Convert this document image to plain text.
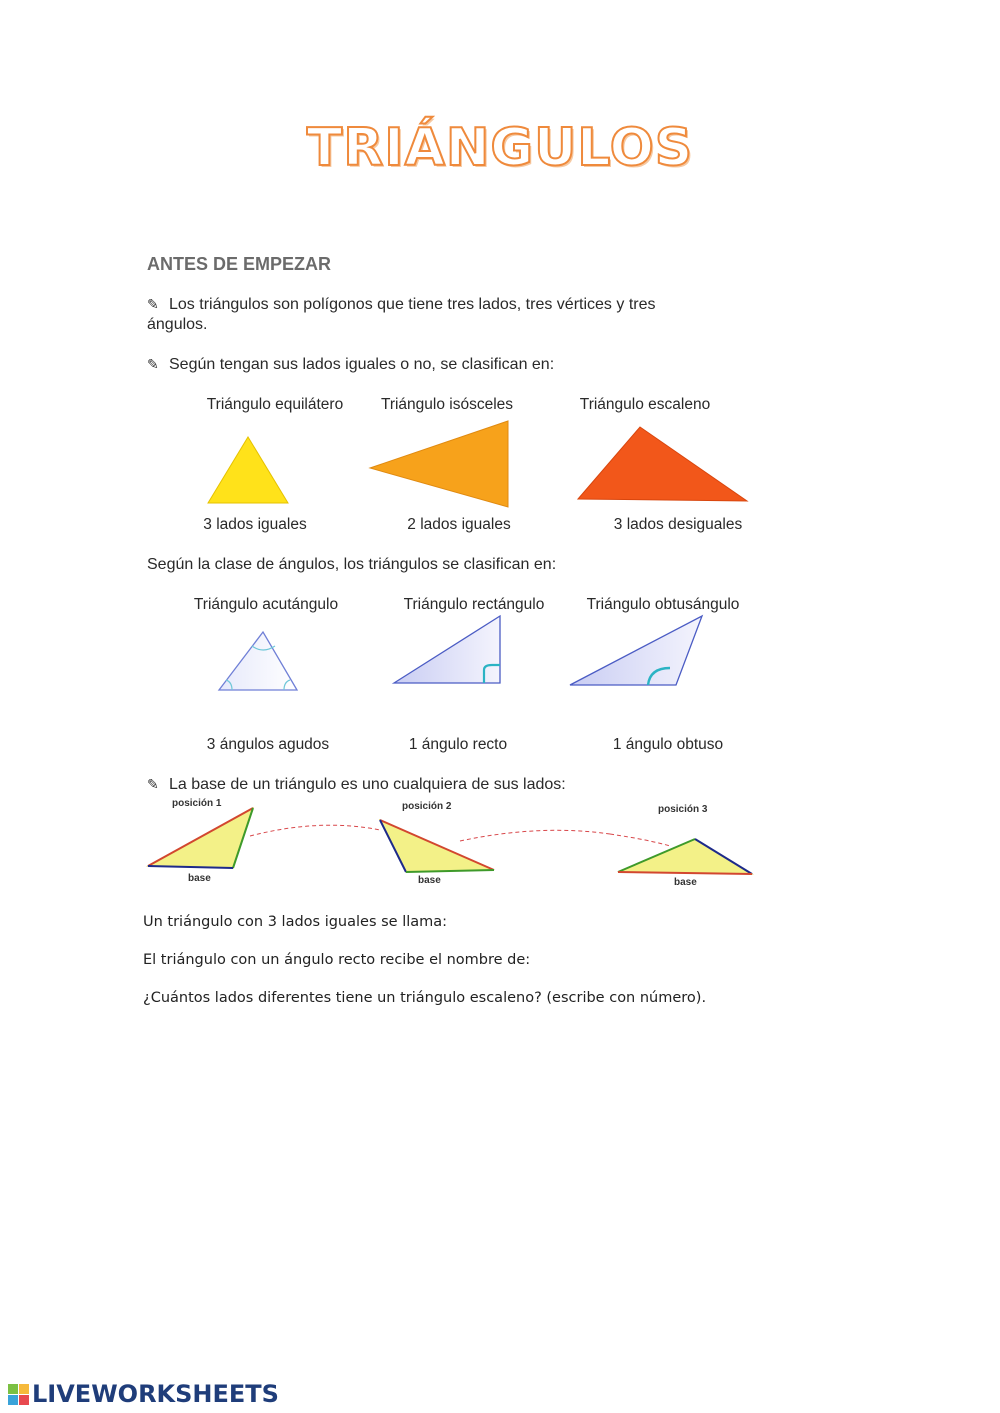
TRIÁNGULOS
ANTES DE EMPEZAR
✎ Los triángulos son polígonos que tiene tres lados, tres vértices y tres
ángulos.
✎ Según tengan sus lados iguales o no, se clasifican en:
Triángulo equilátero	Triángulo isósceles	Triángulo escaleno
3 lados iguales	2 lados iguales	3 lados desiguales
Según la clase de ángulos, los triángulos se clasifican en:
Triángulo acutángulo	Triángulo rectángulo	Triángulo obtusángulo
3 ángulos agudos	1 ángulo recto	1 ángulo obtuso
✎ La base de un triángulo es uno cualquiera de sus lados:
posición 1
base
posición 2
base
posición 3
base
Un triángulo con 3 lados iguales se llama:
El triángulo con un ángulo recto recibe el nombre de:
¿Cuántos lados diferentes tiene un triángulo escaleno? (escribe con número).
LIVEWORKSHEETS
